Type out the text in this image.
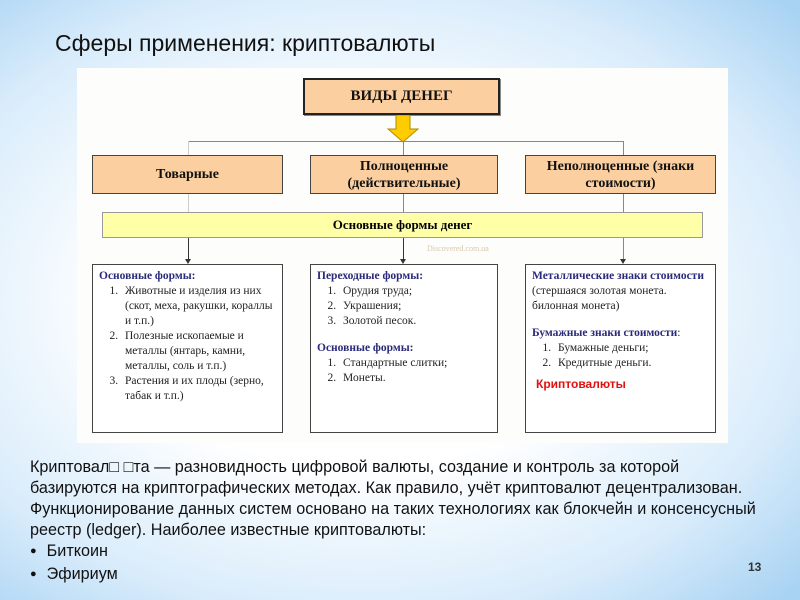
Сферы применения: криптовалюты
ВИДЫ ДЕНЕГ
Товарные
Полноценные (действительные)
Неполноценные (знаки стоимости)
Основные формы денег
Discovered.com.ua
Основные формы:
1. Животные и изделия из них (скот, меха, ракушки, кораллы и т.п.)
2. Полезные ископаемые и металлы (янтарь, камни, металлы, соль и т.п.)
3. Растения и их плоды (зерно, табак и т.п.)
Переходные формы:
1. Орудия труда;
2. Украшения;
3. Золотой песок.
Основные формы:
1. Стандартные слитки;
2. Монеты.
Металлические знаки стоимости (стершаяся золотая монета. билонная монета)
Бумажные знаки стоимости:
1. Бумажные деньги;
2. Кредитные деньги.
Криптовалюты
Криптовал□ □та — разновидность цифровой валюты, создание и контроль за которой базируются на криптографических методах. Как правило, учёт криптовалют децентрализован. Функционирование данных систем основано на таких технологиях как блокчейн и консенсусный реестр (ledger). Наиболее известные криптовалюты:
● Биткоин
● Эфириум	13
